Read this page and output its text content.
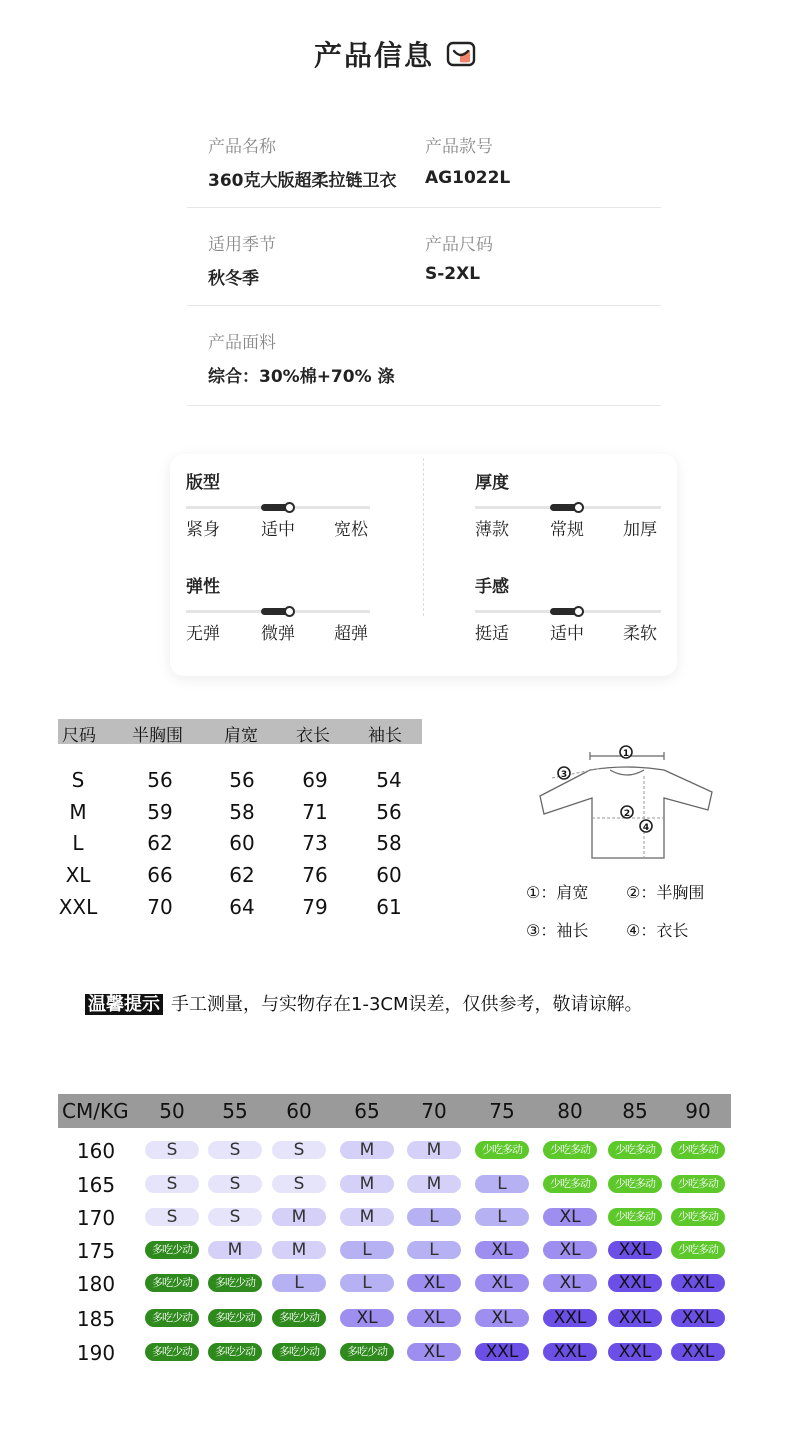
产品信息
产品名称
360克大版超柔拉链卫衣
产品款号
AG1022L
适用季节
秋冬季
产品尺码
S-2XL
产品面料
综合：30%棉+70% 涤
版型
紧身 适中 宽松
厚度
薄款 常规 加厚
弹性
无弹 微弹 超弹
手感
挺适 适中 柔软
尺码 半胸围 肩宽 衣长 袖长
S	56	56	69	54
M	59	58	71	56
L	62	60	73	58
XL	66	62	76	60
XXL	70	64	79	61
1
2
3
4
①：肩宽 ②：半胸围
③：袖长 ④：衣长
温馨提示 手工测量，与实物存在1-3CM误差，仅供参考，敬请谅解。
CM/KG 50 55 60 65 70 75 80 85 90
160	S	S	S	M	M	少吃多动	少吃多动	少吃多动	少吃多动
165	S	S	S	M	M	L	少吃多动	少吃多动	少吃多动
170	S	S	M	M	L	L	XL	少吃多动	少吃多动
175	多吃少动	M	M	L	L	XL	XL	XXL	少吃多动
180	多吃少动	多吃少动	L	L	XL	XL	XL	XXL	XXL
185	多吃少动	多吃少动	多吃少动	XL	XL	XL	XXL	XXL	XXL
190	多吃少动	多吃少动	多吃少动	多吃少动	XL	XXL	XXL	XXL	XXL
